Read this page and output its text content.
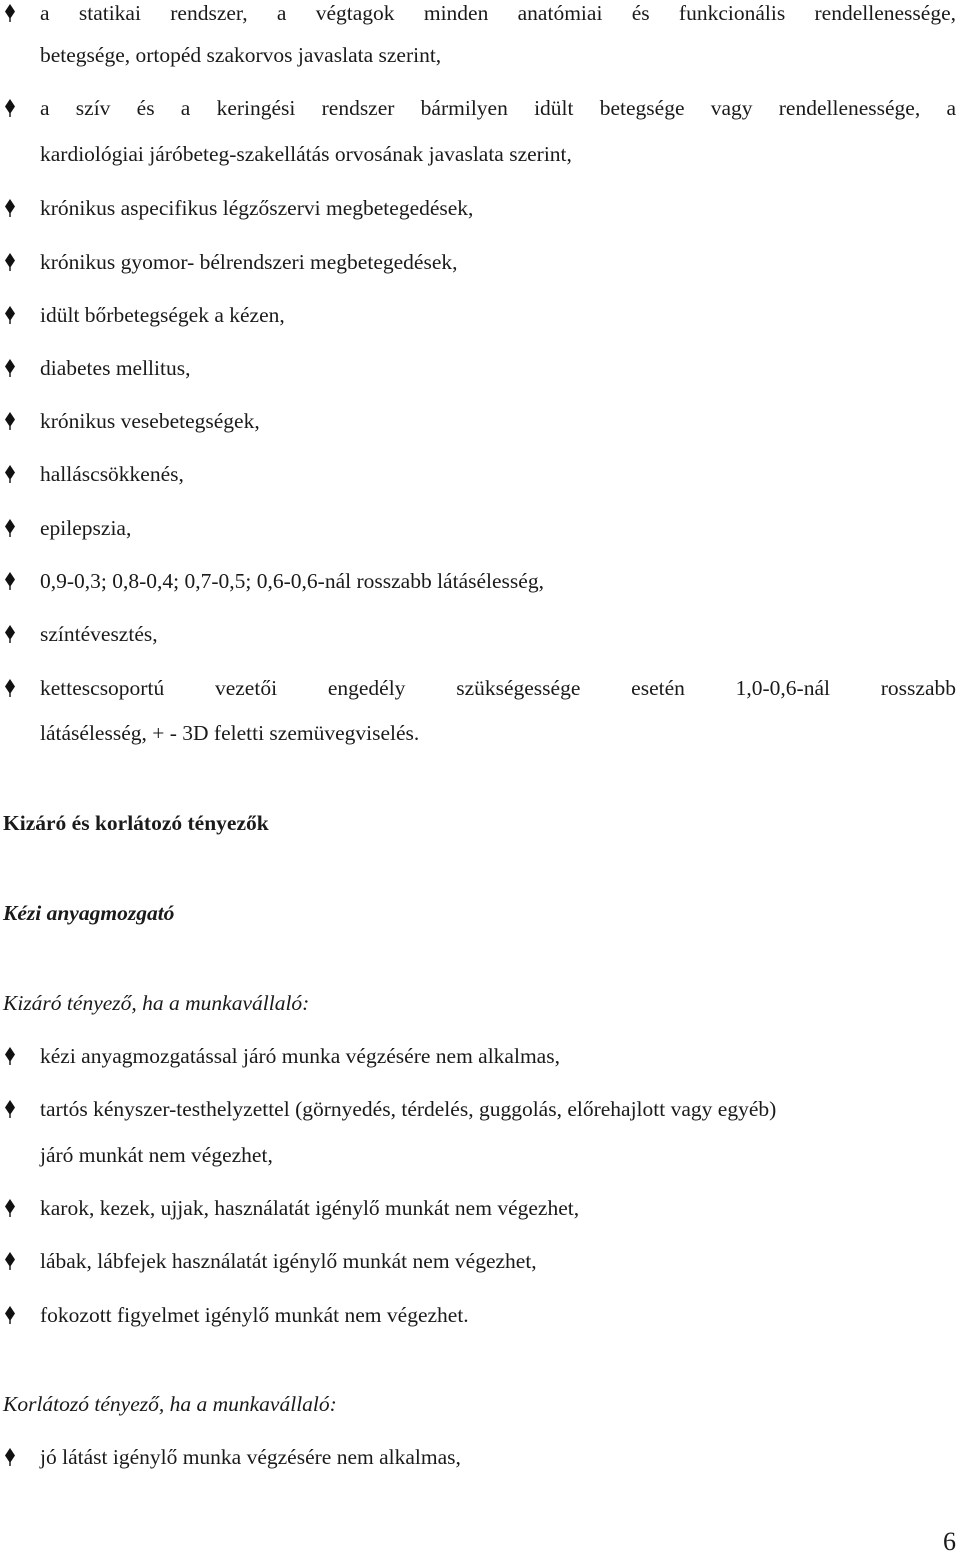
a statikai rendszer, a végtagok minden anatómiai és funkcionális rendellenessége,
betegsége, ortopéd szakorvos javaslata szerint,
a szív és a keringési rendszer bármilyen idült betegsége vagy rendellenessége, a
kardiológiai járóbeteg-szakellátás orvosának javaslata szerint,
krónikus aspecifikus légzőszervi megbetegedések,
krónikus gyomor- bélrendszeri megbetegedések,
idült bőrbetegségek a kézen,
diabetes mellitus,
krónikus vesebetegségek,
halláscsökkenés,
epilepszia,
0,9-0,3; 0,8-0,4; 0,7-0,5; 0,6-0,6-nál rosszabb látásélesség,
színtévesztés,
kettescsoportú vezetői engedély szükségessége esetén 1,0-0,6-nál rosszabb
látásélesség, + - 3D feletti szemüvegviselés.
Kizáró és korlátozó tényezők
Kézi anyagmozgató
Kizáró tényező, ha a munkavállaló:
kézi anyagmozgatással járó munka végzésére nem alkalmas,
tartós kényszer-testhelyzettel (görnyedés, térdelés, guggolás, előrehajlott vagy egyéb)
járó munkát nem végezhet,
karok, kezek, ujjak, használatát igénylő munkát nem végezhet,
lábak, lábfejek használatát igénylő munkát nem végezhet,
fokozott figyelmet igénylő munkát nem végezhet.
Korlátozó tényező, ha a munkavállaló:
jó látást igénylő munka végzésére nem alkalmas,
6
